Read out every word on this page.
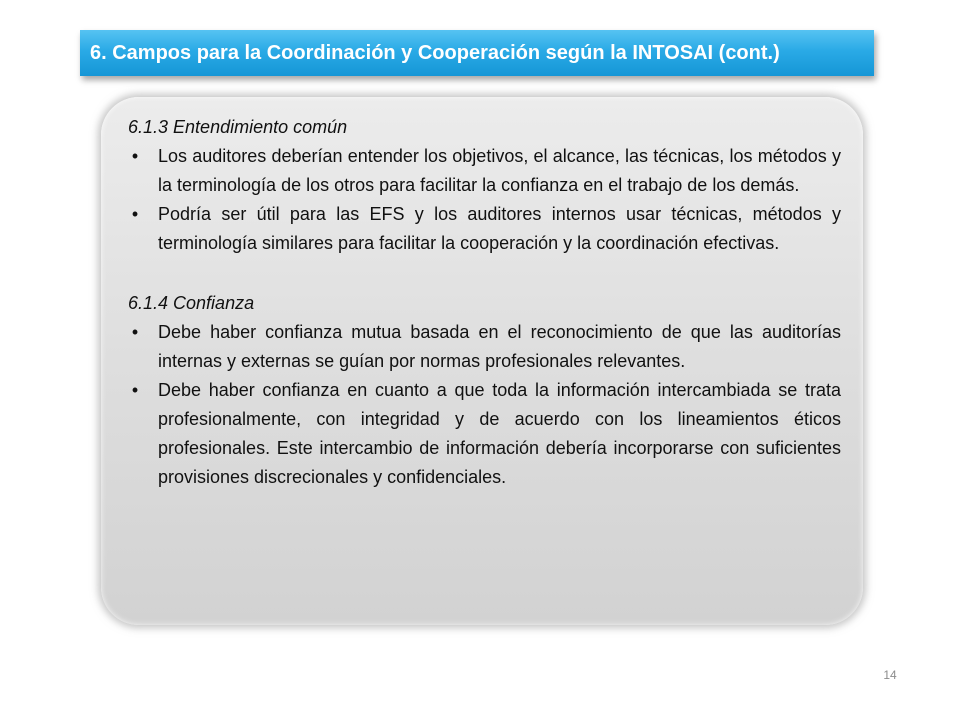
6. Campos para la Coordinación y Cooperación según la INTOSAI (cont.)

6.1.3 Entendimiento común

• Los auditores deberían entender los objetivos, el alcance, las técnicas, los métodos y la terminología de los otros para facilitar la confianza en el trabajo de los demás.
• Podría ser útil para las EFS y los auditores internos usar técnicas, métodos y terminología similares para facilitar la cooperación y la coordinación efectivas.

6.1.4 Confianza

• Debe haber confianza mutua basada en el reconocimiento de que las auditorías internas y externas se guían por normas profesionales relevantes.
• Debe haber confianza en cuanto a que toda la información intercambiada se trata profesionalmente, con integridad y de acuerdo con los lineamientos éticos profesionales. Este intercambio de información debería incorporarse con suficientes provisiones discrecionales y confidenciales.
14
